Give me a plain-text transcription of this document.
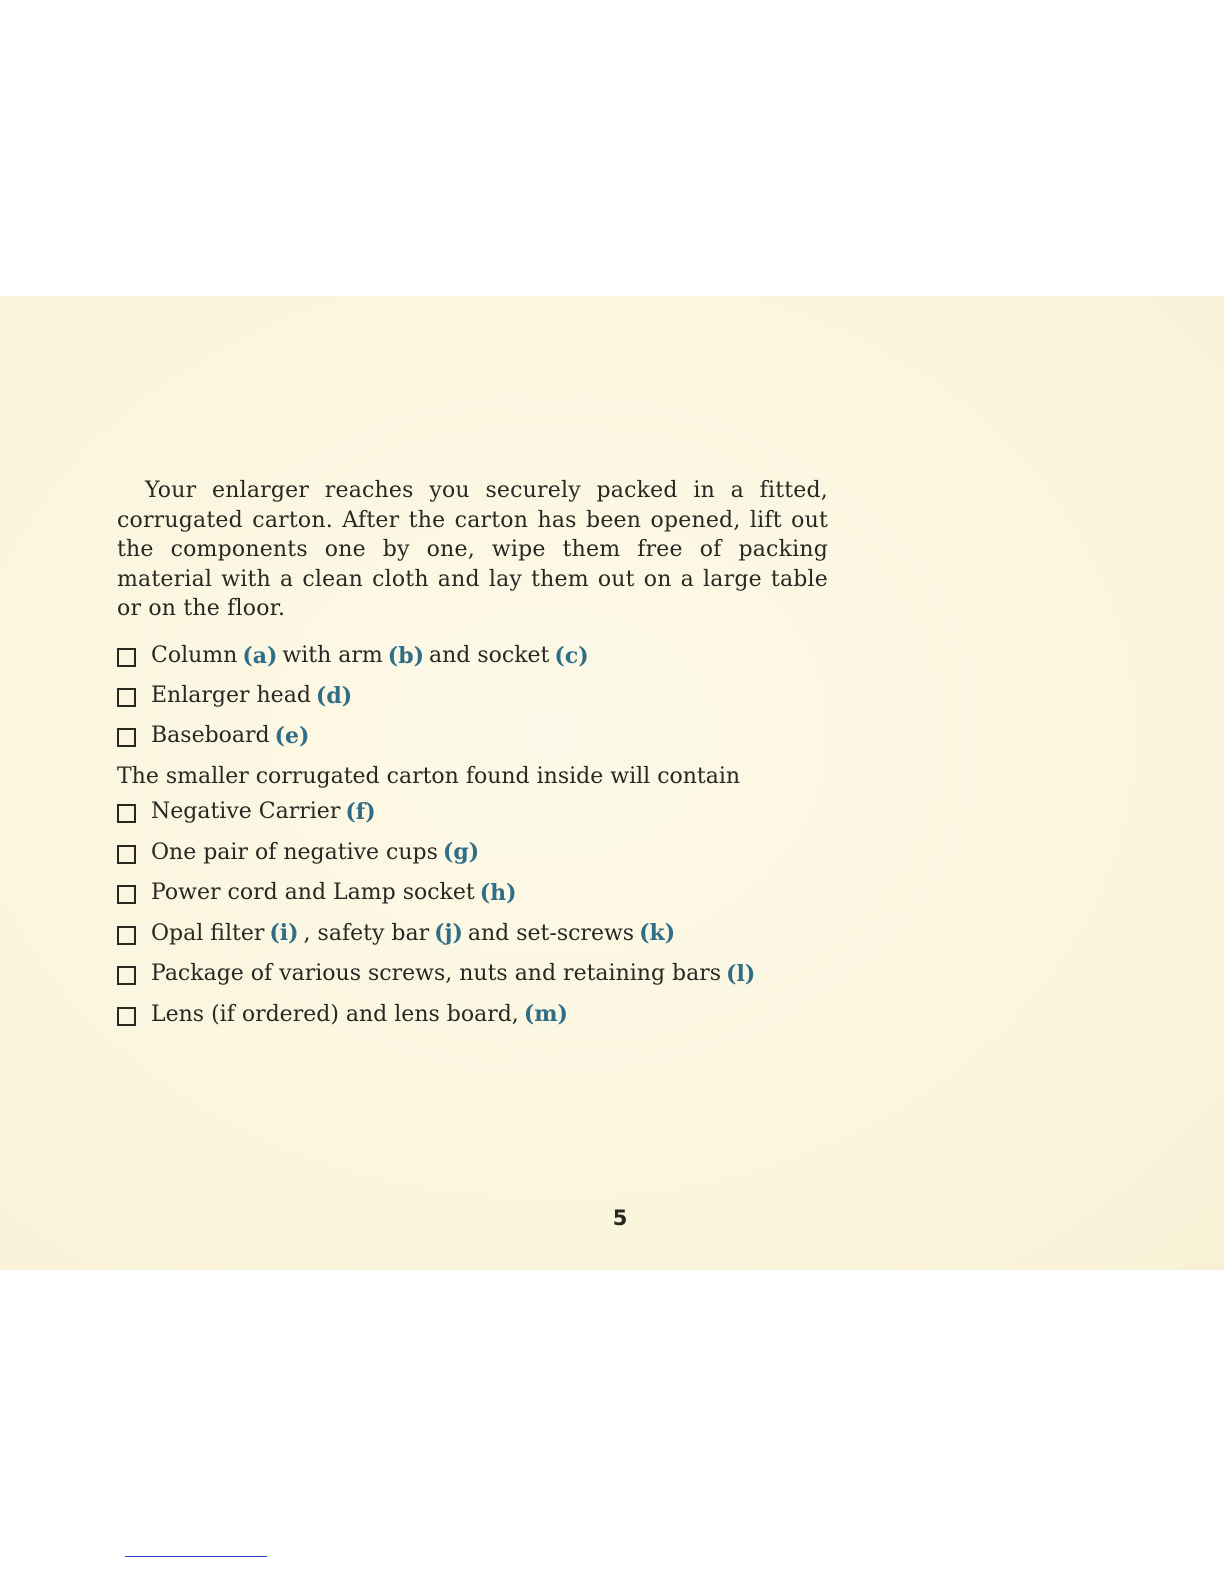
Your enlarger reaches you securely packed in a fitted, corrugated carton. After the carton has been opened, lift out the components one by one, wipe them free of packing material with a clean cloth and lay them out on a large table or on the floor.

Column (a) with arm (b) and socket (c)
Enlarger head (d)
Baseboard (e)

The smaller corrugated carton found inside will contain

Negative Carrier (f)
One pair of negative cups (g)
Power cord and Lamp socket (h)
Opal filter (i) , safety bar (j) and set-screws (k)
Package of various screws, nuts and retaining bars (l)
Lens (if ordered) and lens board, (m)
5
